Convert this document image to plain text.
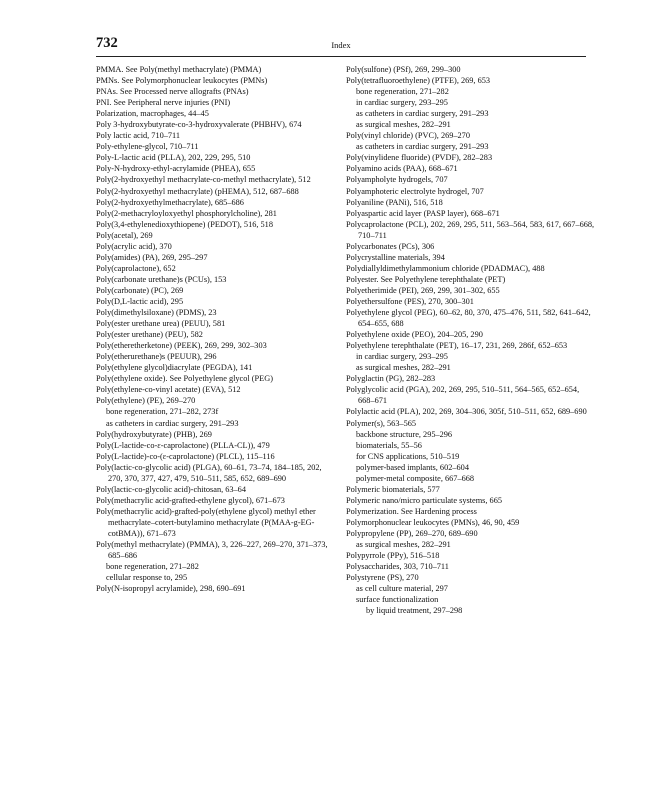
732	Index
PMMA. See Poly(methyl methacrylate) (PMMA)
PMNs. See Polymorphonuclear leukocytes (PMNs)
PNAs. See Processed nerve allografts (PNAs)
PNI. See Peripheral nerve injuries (PNI)
Polarization, macrophages, 44–45
Poly 3-hydroxybutyrate-co-3-hydroxyvalerate (PHBHV), 674
Poly lactic acid, 710–711
Poly-ethylene-glycol, 710–711
Poly-L-lactic acid (PLLA), 202, 229, 295, 510
Poly-N-hydroxy-ethyl-acrylamide (PHEA), 655
Poly(2-hydroxyethyl methacrylate-co-methyl methacrylate), 512
Poly(2-hydroxyethyl methacrylate) (pHEMA), 512, 687–688
Poly(2-hydroxyethylmethacrylate), 685–686
Poly(2-methacryloyloxyethyl phosphorylcholine), 281
Poly(3,4-ethylenedioxythiopene) (PEDOT), 516, 518
Poly(acetal), 269
Poly(acrylic acid), 370
Poly(amides) (PA), 269, 295–297
Poly(caprolactone), 652
Poly(carbonate urethane)s (PCUs), 153
Poly(carbonate) (PC), 269
Poly(D,L-lactic acid), 295
Poly(dimethylsiloxane) (PDMS), 23
Poly(ester urethane urea) (PEUU), 581
Poly(ester urethane) (PEU), 582
Poly(etheretherketone) (PEEK), 269, 299, 302–303
Poly(etherurethane)s (PEUUR), 296
Poly(ethylene glycol)diacrylate (PEGDA), 141
Poly(ethylene oxide). See Polyethylene glycol (PEG)
Poly(ethylene-co-vinyl acetate) (EVA), 512
Poly(ethylene) (PE), 269–270
bone regeneration, 271–282, 273f
as catheters in cardiac surgery, 291–293
Poly(hydroxybutyrate) (PHB), 269
Poly(L-lactide-co-ε-caprolactone) (PLLA-CL)), 479
Poly(L-lactide)-co-(ε-caprolactone) (PLCL), 115–116
Poly(lactic-co-glycolic acid) (PLGA), 60–61, 73–74, 184–185, 202, 270, 370, 377, 427, 479, 510–511, 585, 652, 689–690
Poly(lactic-co-glycolic acid)-chitosan, 63–64
Poly(methacrylic acid-grafted-ethylene glycol), 671–673
Poly(methacrylic acid)-grafted-poly(ethylene glycol) methyl ether methacrylate–cotert-butylamino methacrylate (P(MAA-g-EG-cotBMA)), 671–673
Poly(methyl methacrylate) (PMMA), 3, 226–227, 269–270, 371–373, 685–686
bone regeneration, 271–282
cellular response to, 295
Poly(N-isopropyl acrylamide), 298, 690–691
Poly(sulfone) (PSf), 269, 299–300
Poly(tetrafluoroethylene) (PTFE), 269, 653
bone regeneration, 271–282
in cardiac surgery, 293–295
as catheters in cardiac surgery, 291–293
as surgical meshes, 282–291
Poly(vinyl chloride) (PVC), 269–270
as catheters in cardiac surgery, 291–293
Poly(vinylidene fluoride) (PVDF), 282–283
Polyamino acids (PAA), 668–671
Polyampholyte hydrogels, 707
Polyamphoteric electrolyte hydrogel, 707
Polyaniline (PANi), 516, 518
Polyaspartic acid layer (PASP layer), 668–671
Polycaprolactone (PCL), 202, 269, 295, 511, 563–564, 583, 617, 667–668, 710–711
Polycarbonates (PCs), 306
Polycrystalline materials, 394
Polydiallyldimethylammonium chloride (PDADMAC), 488
Polyester. See Polyethylene terephthalate (PET)
Polyetherimide (PEI), 269, 299, 301–302, 655
Polyethersulfone (PES), 270, 300–301
Polyethylene glycol (PEG), 60–62, 80, 370, 475–476, 511, 582, 641–642, 654–655, 688
Polyethylene oxide (PEO), 204–205, 290
Polyethylene terephthalate (PET), 16–17, 231, 269, 286f, 652–653
in cardiac surgery, 293–295
as surgical meshes, 282–291
Polyglactin (PG), 282–283
Polyglycolic acid (PGA), 202, 269, 295, 510–511, 564–565, 652–654, 668–671
Polylactic acid (PLA), 202, 269, 304–306, 305f, 510–511, 652, 689–690
Polymer(s), 563–565
backbone structure, 295–296
biomaterials, 55–56
for CNS applications, 510–519
polymer-based implants, 602–604
polymer-metal composite, 667–668
Polymeric biomaterials, 577
Polymeric nano/micro particulate systems, 665
Polymerization. See Hardening process
Polymorphonuclear leukocytes (PMNs), 46, 90, 459
Polypropylene (PP), 269–270, 689–690
as surgical meshes, 282–291
Polypyrrole (PPy), 516–518
Polysaccharides, 303, 710–711
Polystyrene (PS), 270
as cell culture material, 297
surface functionalization
by liquid treatment, 297–298
